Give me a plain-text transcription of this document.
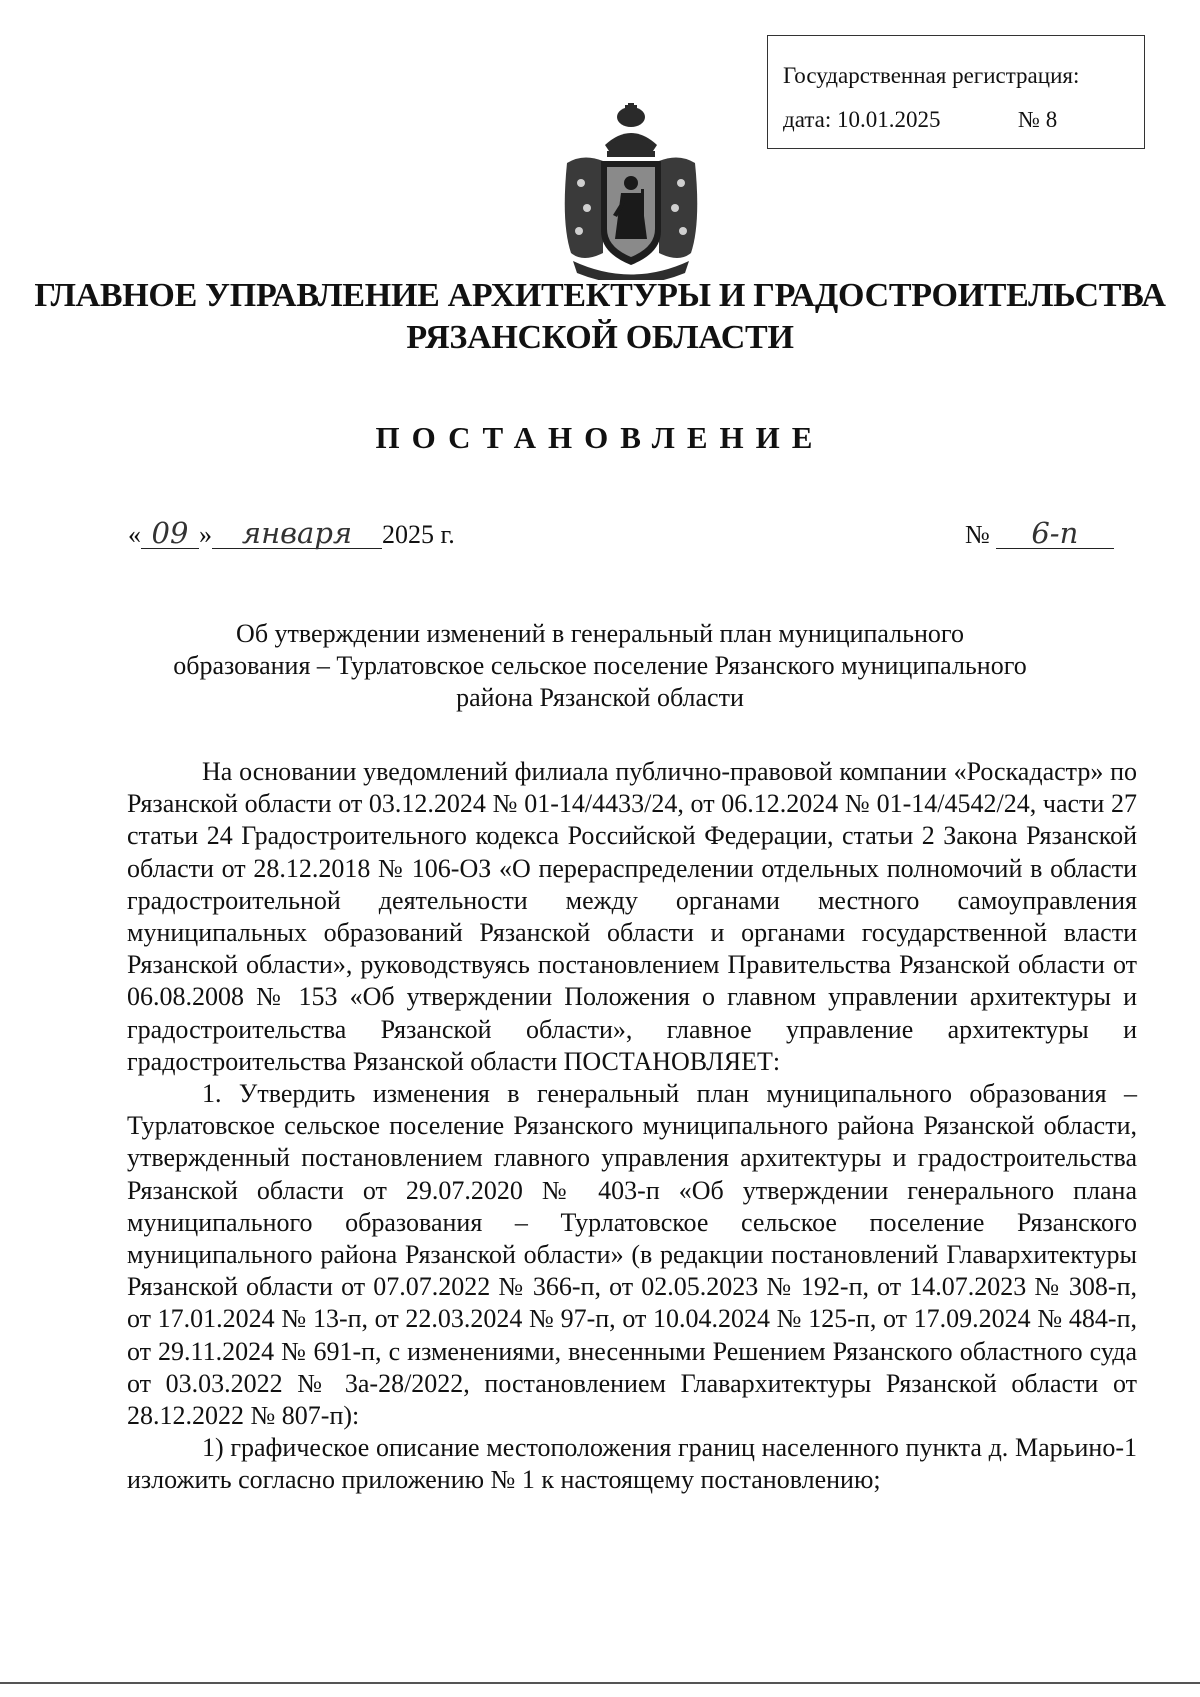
Государственная регистрация:
дата: 10.01.2025	№ 8
ГЛАВНОЕ УПРАВЛЕНИЕ АРХИТЕКТУРЫ И ГРАДОСТРОИТЕЛЬСТВА
РЯЗАНСКОЙ ОБЛАСТИ
ПОСТАНОВЛЕНИЕ
« 09 » января 2025 г.	№ 6-п
Об утверждении изменений в генеральный план муниципального
образования – Турлатовское сельское поселение Рязанского муниципального
района Рязанской области

На основании уведомлений филиала публично-правовой компании «Роскадастр» по Рязанской области от 03.12.2024 № 01-14/4433/24, от 06.12.2024 № 01-14/4542/24, части 27 статьи 24 Градостроительного кодекса Российской Федерации, статьи 2 Закона Рязанской области от 28.12.2018 № 106-ОЗ «О перераспределении отдельных полномочий в области градостроительной деятельности между органами местного самоуправления муниципальных образований Рязанской области и органами государственной власти Рязанской области», руководствуясь постановлением Правительства Рязанской области от 06.08.2008 № 153 «Об утверждении Положения о главном управлении архитектуры и градостроительства Рязанской области», главное управление архитектуры и градостроительства Рязанской области ПОСТАНОВЛЯЕТ:

1. Утвердить изменения в генеральный план муниципального образования – Турлатовское сельское поселение Рязанского муниципального района Рязанской области, утвержденный постановлением главного управления архитектуры и градостроительства Рязанской области от 29.07.2020 № 403-п «Об утверждении генерального плана муниципального образования – Турлатовское сельское поселение Рязанского муниципального района Рязанской области» (в редакции постановлений Главархитектуры Рязанской области от 07.07.2022 № 366-п, от 02.05.2023 № 192-п, от 14.07.2023 № 308-п, от 17.01.2024 № 13-п, от 22.03.2024 № 97-п, от 10.04.2024 № 125-п, от 17.09.2024 № 484-п, от 29.11.2024 № 691-п, с изменениями, внесенными Решением Рязанского областного суда от 03.03.2022 № 3а-28/2022, постановлением Главархитектуры Рязанской области от 28.12.2022 № 807-п):

1) графическое описание местоположения границ населенного пункта д. Марьино-1 изложить согласно приложению № 1 к настоящему постановлению;
